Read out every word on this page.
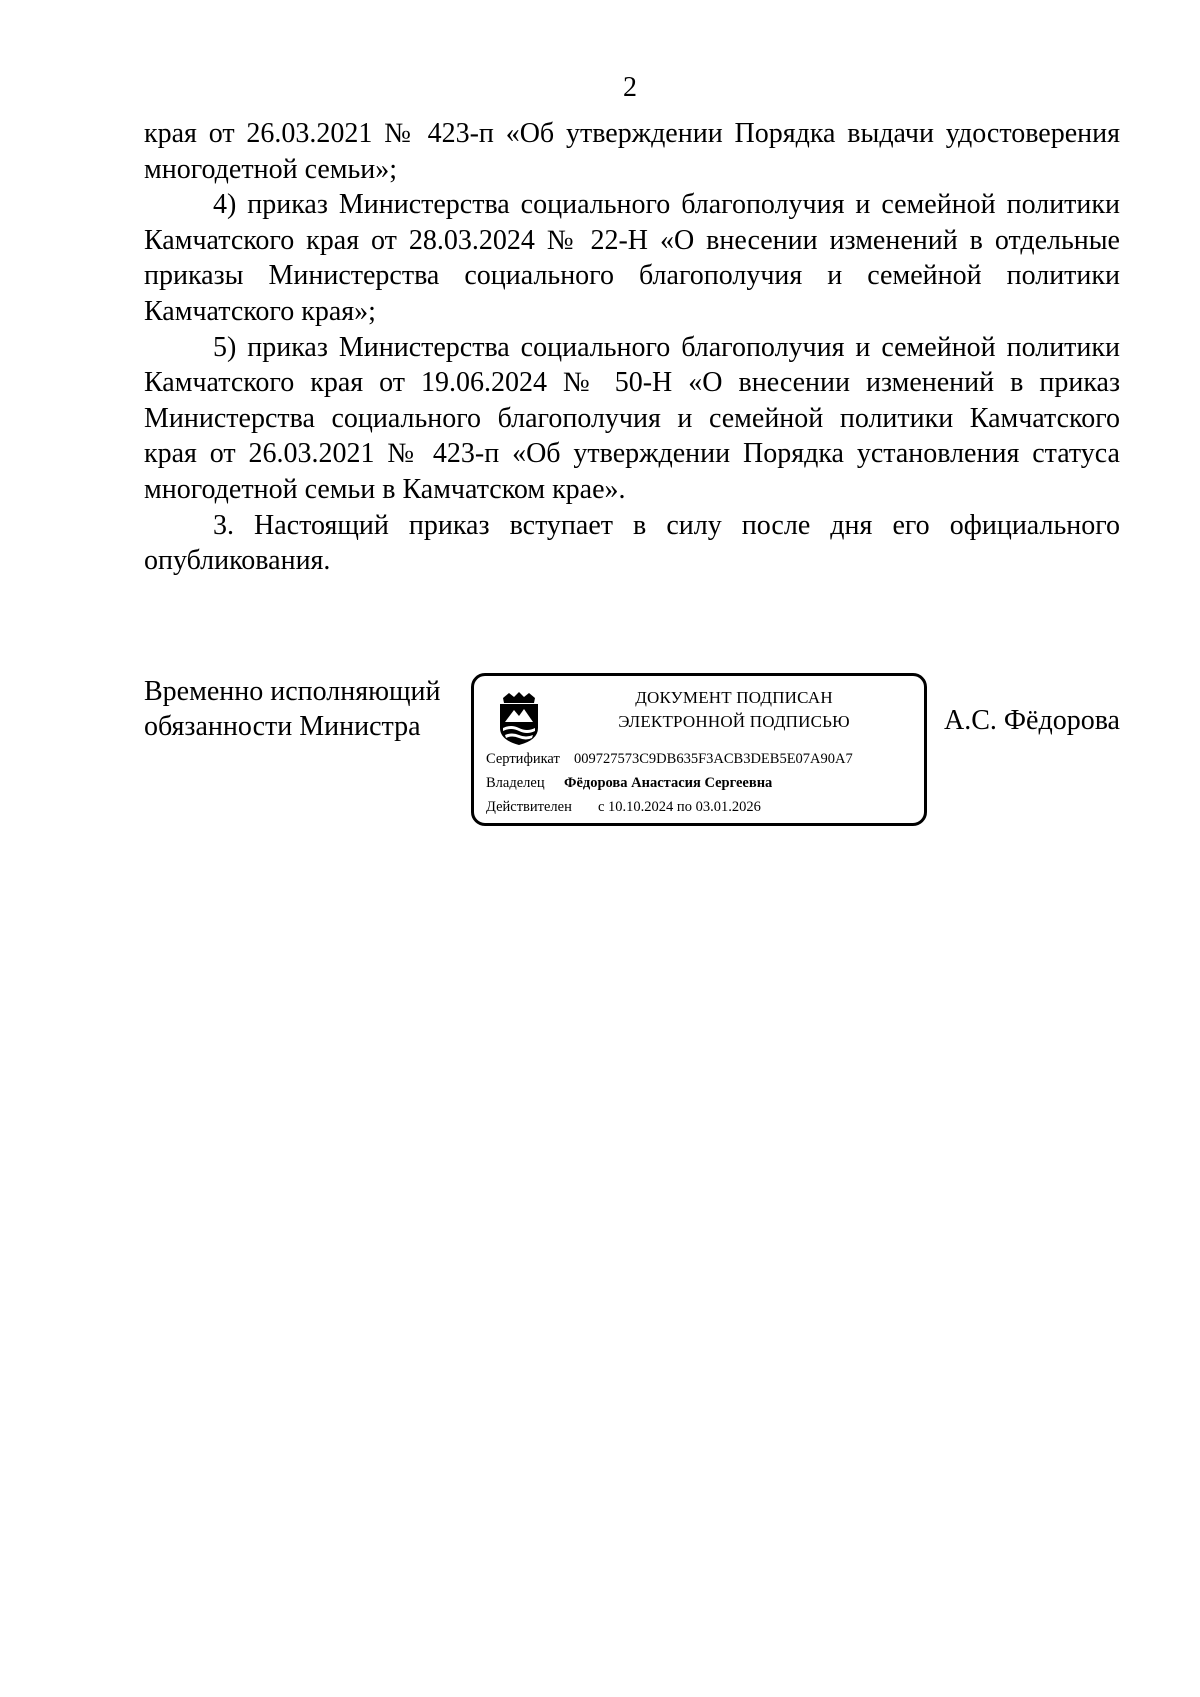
2

края от 26.03.2021 № 423-п «Об утверждении Порядка выдачи удостоверения многодетной семьи»;

4) приказ Министерства социального благополучия и семейной политики Камчатского края от 28.03.2024 № 22-Н «О внесении изменений в отдельные приказы Министерства социального благополучия и семейной политики Камчатского края»;

5) приказ Министерства социального благополучия и семейной политики Камчатского края от 19.06.2024 № 50-Н «О внесении изменений в приказ Министерства социального благополучия и семейной политики Камчатского края от 26.03.2021 № 423-п «Об утверждении Порядка установления статуса многодетной семьи в Камчатском крае».

3. Настоящий приказ вступает в силу после дня его официального опубликования.

Временно исполняющий
обязанности Министра
ДОКУМЕНТ ПОДПИСАН
ЭЛЕКТРОННОЙ ПОДПИСЬЮ
Сертификат 009727573C9DB635F3ACB3DEB5E07A90A7
Владелец Фёдорова Анастасия Сергеевна
Действителен с 10.10.2024 по 03.01.2026
А.С. Фёдорова
